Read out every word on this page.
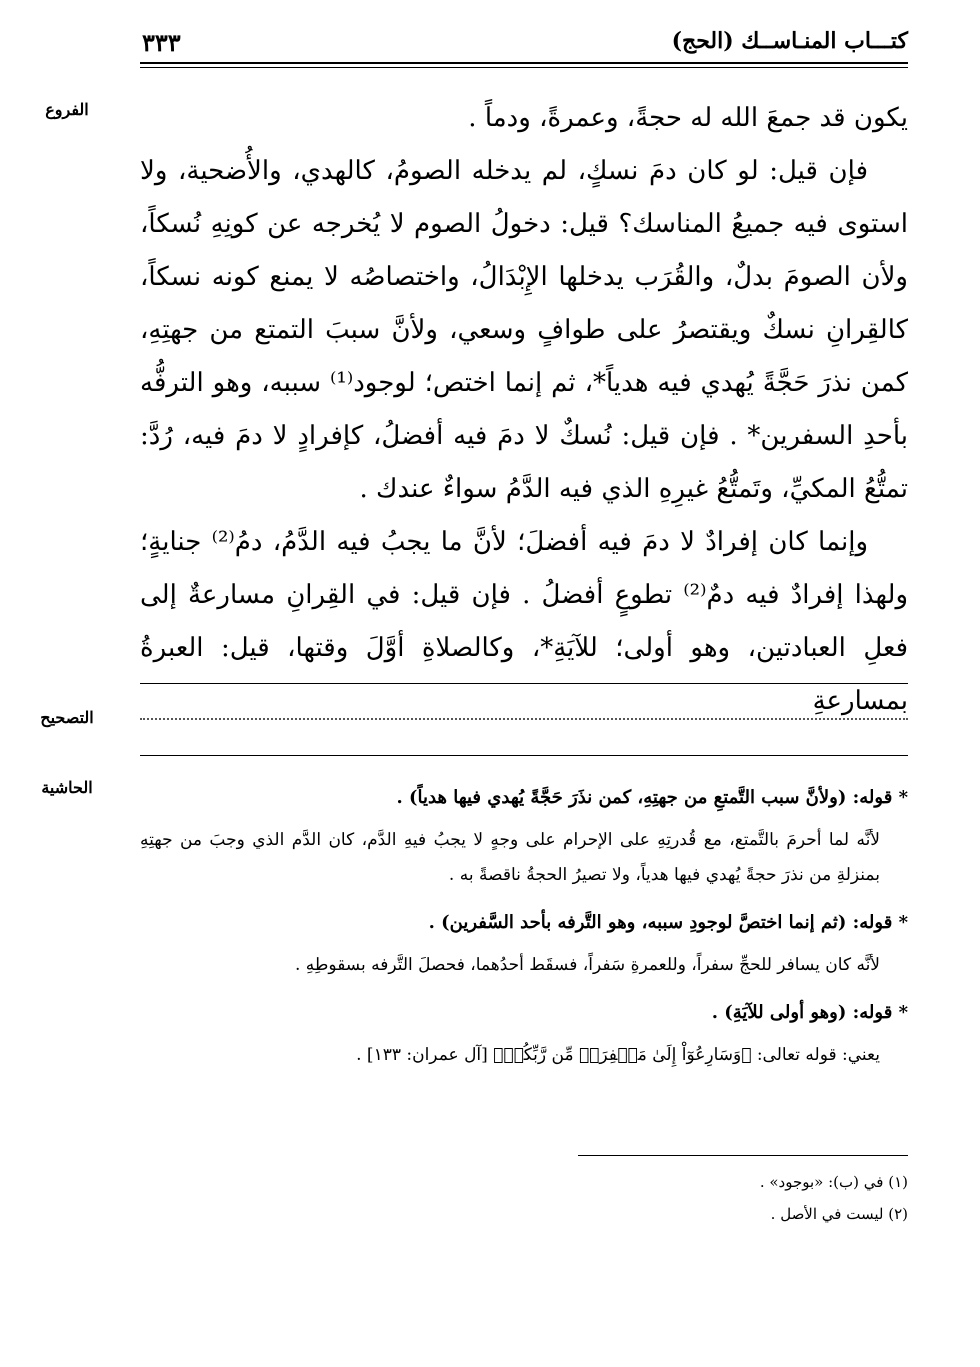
كتـــاب المنـاســك (الحج)
٣٣٣
الفروع	يكون قد جمعَ الله له حجةً، وعمرةً، ودماً .

فإن قيل: لو كان دمَ نسكٍ، لم يدخله الصومُ، كالهدي، والأُضحية، ولا استوى فيه جميعُ المناسك؟ قيل: دخولُ الصوم لا يُخرجه عن كونِهِ نُسكاً، ولأن الصومَ بدلٌ، والقُرَب يدخلها الإِبْدَالُ، واختصاصُه لا يمنع كونه نسكاً، كالقِرانِ نسكٌ ويقتصرُ على طوافٍ وسعي، ولأنَّ سببَ التمتع من جهتِهِ، كمن نذرَ حَجَّةً يُهدي فيه هدياً*، ثم إنما اختص؛ لوجود⁽¹⁾ سببه، وهو الترفُّه بأحدِ السفرين* . فإن قيل: نُسكٌ لا دمَ فيه أفضلُ، كإفرادٍ لا دمَ فيه، رُدَّ: تمتُّعُ المكيِّ، وتَمتُّعُ غيرِهِ الذي فيه الدَّمُ سواءٌ عندك .

وإنما كان إفرادٌ لا دمَ فيه أفضلَ؛ لأنَّ ما يجبُ فيه الدَّمُ، دمُ⁽²⁾ جنايةٍ؛ ولهذا إفرادٌ فيه دمٌ⁽²⁾ تطوعٍ أفضلُ . فإن قيل: في القِرانِ مسارعةٌ إلى فعلِ العبادتين، وهو أولى؛ للآيَةِ*، وكالصلاةِ أوَّلَ وقتها، قيل: العبرةُ بمسارعةِ

التصحيح
الحاشية	* قوله: (ولأنَّ سبب التَّمتعِ من جهتِهِ، كمن نذَرَ حَجَّةً يُهدي فيها هدياً) .
لأنَّه لما أحرمَ بالتَّمتع، مع قُدرتِهِ على الإحرام على وجهٍ لا يجبُ فيهِ الدَّم، كان الدَّم الذي وجبَ من جهتِهِ بمنزلةِ من نذرَ حجةً يُهدي فيها هدياً، ولا تصيرُ الحجةُ ناقصةً به .
* قوله: (ثم إنما اختصَّ لوجودِ سببه، وهو التَّرفه بأحد السَّفرين) .
لأنَّه كان يسافر للحجِّ سفراً، وللعمرةِ سَفراً، فسقَط أحدُهما، فحصلَ التَّرفه بسقوطِهِ .
* قوله: (وهو أولى للآيَةِ) .
يعني: قوله تعالى: ﴿وَسَارِعُوٓاْ إِلَىٰ مَغۡفِرَةٖ مِّن رَّبِّكُمۡ﴾ [آل عمران: ١٣٣] .
(١) في (ب): «بوجود» .
(٢) ليست في الأصل .
